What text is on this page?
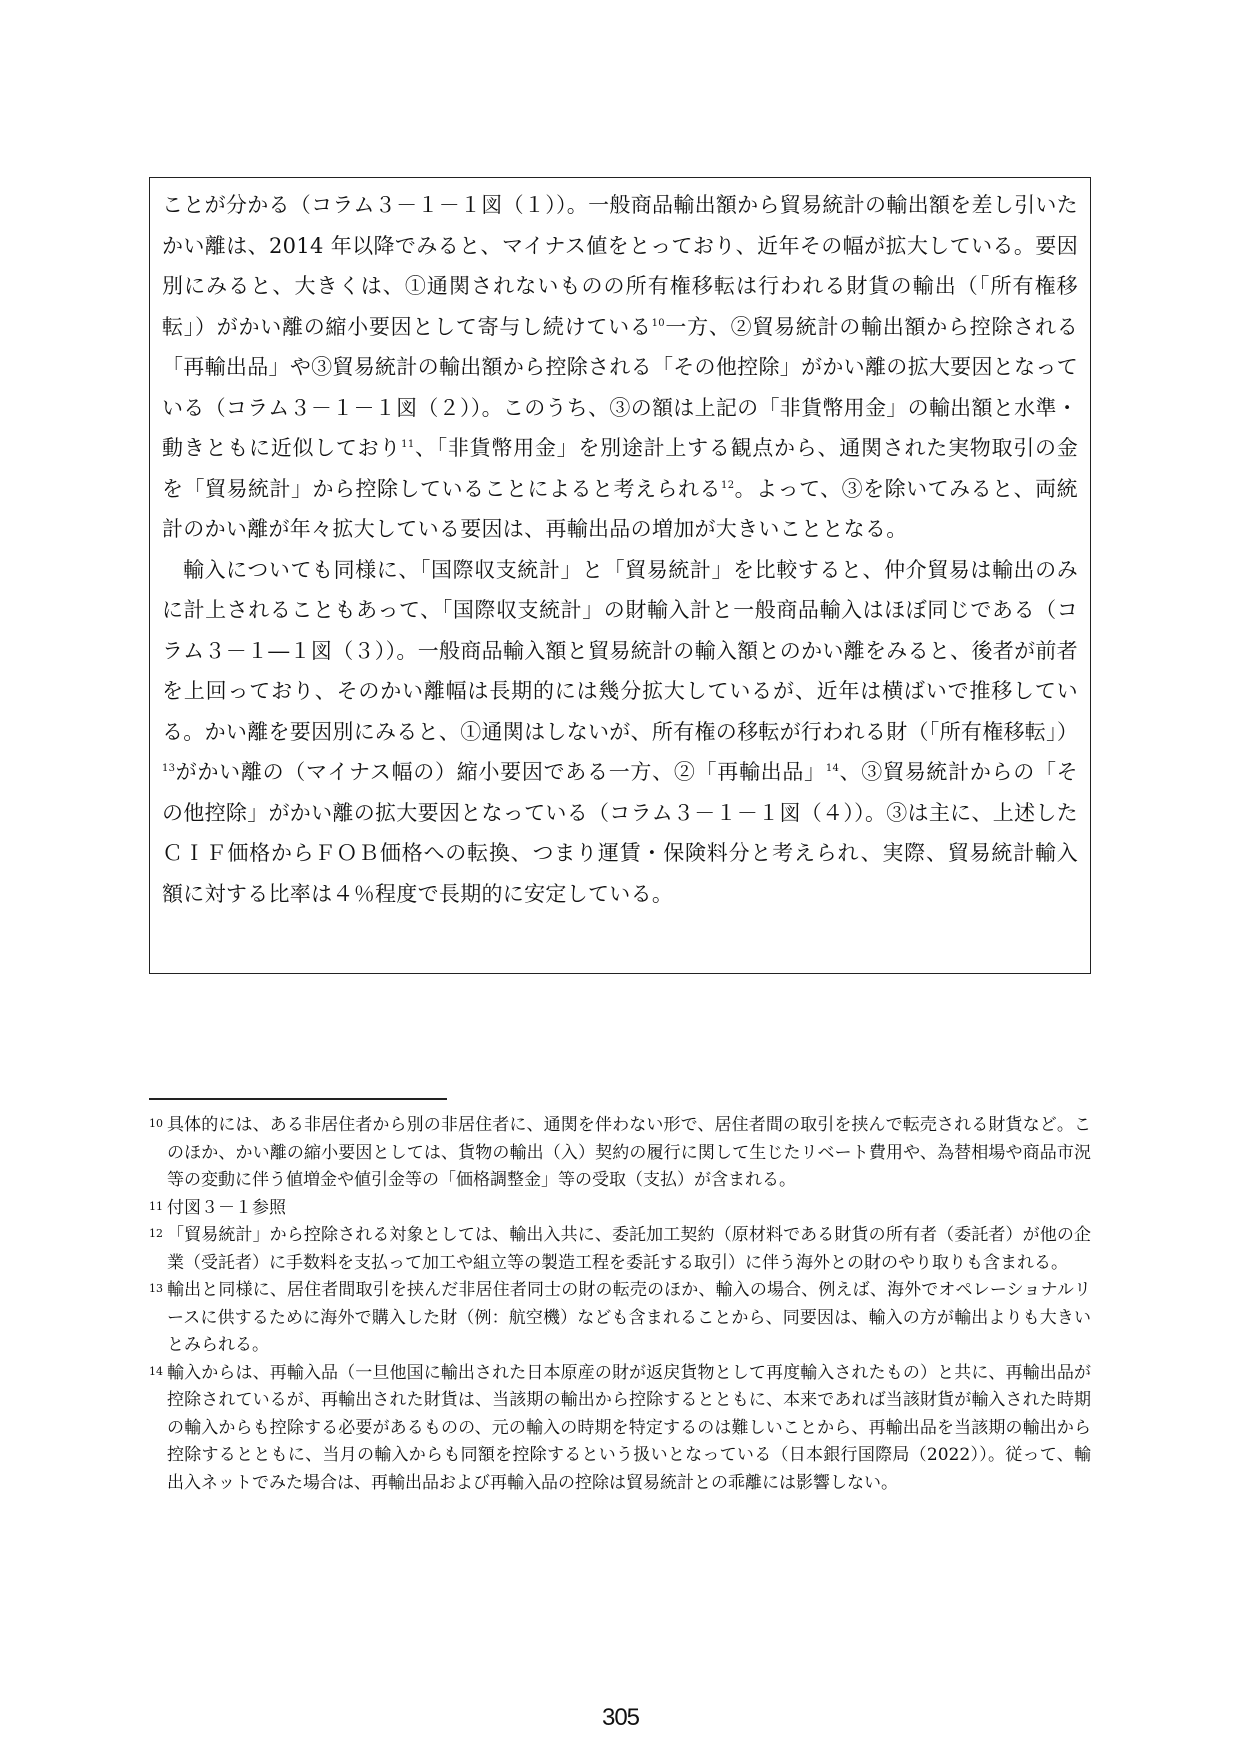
ことが分かる（コラム３－１－１図（１））。一般商品輸出額から貿易統計の輸出額を差し引いたかい離は、2014 年以降でみると、マイナス値をとっており、近年その幅が拡大している。要因別にみると、大きくは、①通関されないものの所有権移転は行われる財貨の輸出（「所有権移転」）がかい離の縮小要因として寄与し続けている$^{10}$一方、②貿易統計の輸出額から控除される「再輸出品」や③貿易統計の輸出額から控除される「その他控除」がかい離の拡大要因となっている（コラム３－１－１図（２））。このうち、③の額は上記の「非貨幣用金」の輸出額と水準・動きともに近似しており$^{11}$、「非貨幣用金」を別途計上する観点から、通関された実物取引の金を「貿易統計」から控除していることによると考えられる$^{12}$。よって、③を除いてみると、両統計のかい離が年々拡大している要因は、再輸出品の増加が大きいこととなる。

輸入についても同様に、「国際収支統計」と「貿易統計」を比較すると、仲介貿易は輸出のみに計上されることもあって、「国際収支統計」の財輸入計と一般商品輸入はほぼ同じである（コラム３－１―１図（３））。一般商品輸入額と貿易統計の輸入額とのかい離をみると、後者が前者を上回っており、そのかい離幅は長期的には幾分拡大しているが、近年は横ばいで推移している。かい離を要因別にみると、①通関はしないが、所有権の移転が行われる財（「所有権移転」）$^{13}$がかい離の（マイナス幅の）縮小要因である一方、②「再輸出品」$^{14}$、③貿易統計からの「その他控除」がかい離の拡大要因となっている（コラム３－１－１図（４））。③は主に、上述したＣＩＦ価格からＦＯＢ価格への転換、つまり運賃・保険料分と考えられ、実際、貿易統計輸入額に対する比率は４％程度で長期的に安定している。

10 具体的には、ある非居住者から別の非居住者に、通関を伴わない形で、居住者間の取引を挟んで転売される財貨など。このほか、かい離の縮小要因としては、貨物の輸出（入）契約の履行に関して生じたリベート費用や、為替相場や商品市況等の変動に伴う値増金や値引金等の「価格調整金」等の受取（支払）が含まれる。

11 付図３－１参照

12 「貿易統計」から控除される対象としては、輸出入共に、委託加工契約（原材料である財貨の所有者（委託者）が他の企業（受託者）に手数料を支払って加工や組立等の製造工程を委託する取引）に伴う海外との財のやり取りも含まれる。

13 輸出と同様に、居住者間取引を挟んだ非居住者同士の財の転売のほか、輸入の場合、例えば、海外でオペレーショナルリースに供するために海外で購入した財（例：航空機）なども含まれることから、同要因は、輸入の方が輸出よりも大きいとみられる。

14 輸入からは、再輸入品（一旦他国に輸出された日本原産の財が返戻貨物として再度輸入されたもの）と共に、再輸出品が控除されているが、再輸出された財貨は、当該期の輸出から控除するとともに、本来であれば当該財貨が輸入された時期の輸入からも控除する必要があるものの、元の輸入の時期を特定するのは難しいことから、再輸出品を当該期の輸出から控除するとともに、当月の輸入からも同額を控除するという扱いとなっている（日本銀行国際局（2022））。従って、輸出入ネットでみた場合は、再輸出品および再輸入品の控除は貿易統計との乖離には影響しない。

305
